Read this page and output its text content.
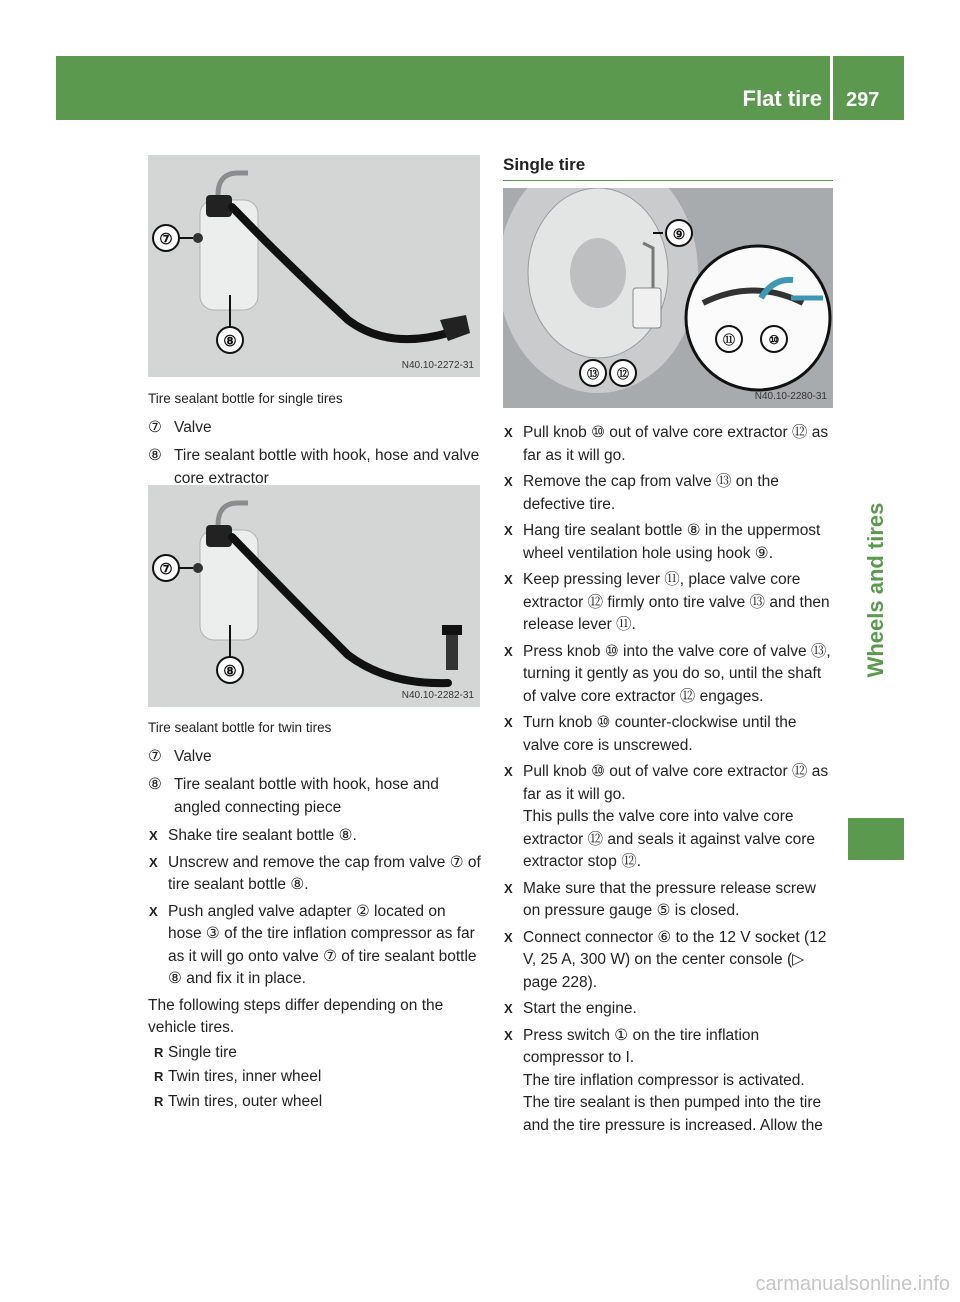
Flat tire 297
Wheels and tires
⑦
⑧
N40.10-2272-31
⑦
⑧
N40.10-2282-31
Tire sealant bottle for single tires
⑦ Valve
⑧ Tire sealant bottle with hook, hose and valve core extractor
Tire sealant bottle for twin tires
⑦ Valve
⑧ Tire sealant bottle with hook, hose and angled connecting piece
X Shake tire sealant bottle ⑧.
X Unscrew and remove the cap from valve ⑦ of tire sealant bottle ⑧.
X Push angled valve adapter ② located on hose ③ of the tire inflation compressor as far as it will go onto valve ⑦ of tire sealant bottle ⑧ and fix it in place.
The following steps differ depending on the vehicle tires.
R Single tire
R Twin tires, inner wheel
R Twin tires, outer wheel
Single tire
⑨
⑪	⑩
⑬ ⑫
N40.10-2280-31
X Pull knob ⑩ out of valve core extractor ⑫ as far as it will go.
X Remove the cap from valve ⑬ on the defective tire.
X Hang tire sealant bottle ⑧ in the uppermost wheel ventilation hole using hook ⑨.
X Keep pressing lever ⑪, place valve core extractor ⑫ firmly onto tire valve ⑬ and then release lever ⑪.
X Press knob ⑩ into the valve core of valve ⑬, turning it gently as you do so, until the shaft of valve core extractor ⑫ engages.
X Turn knob ⑩ counter-clockwise until the valve core is unscrewed.
X Pull knob ⑩ out of valve core extractor ⑫ as far as it will go.
This pulls the valve core into valve core extractor ⑫ and seals it against valve core extractor stop ⑫.
X Make sure that the pressure release screw on pressure gauge ⑤ is closed.
X Connect connector ⑥ to the 12 V socket (12 V, 25 A, 300 W) on the center console (▷ page 228).
X Start the engine.
X Press switch ① on the tire inflation compressor to I.
The tire inflation compressor is activated. The tire sealant is then pumped into the tire and the tire pressure is increased. Allow the
carmanualsonline.info
